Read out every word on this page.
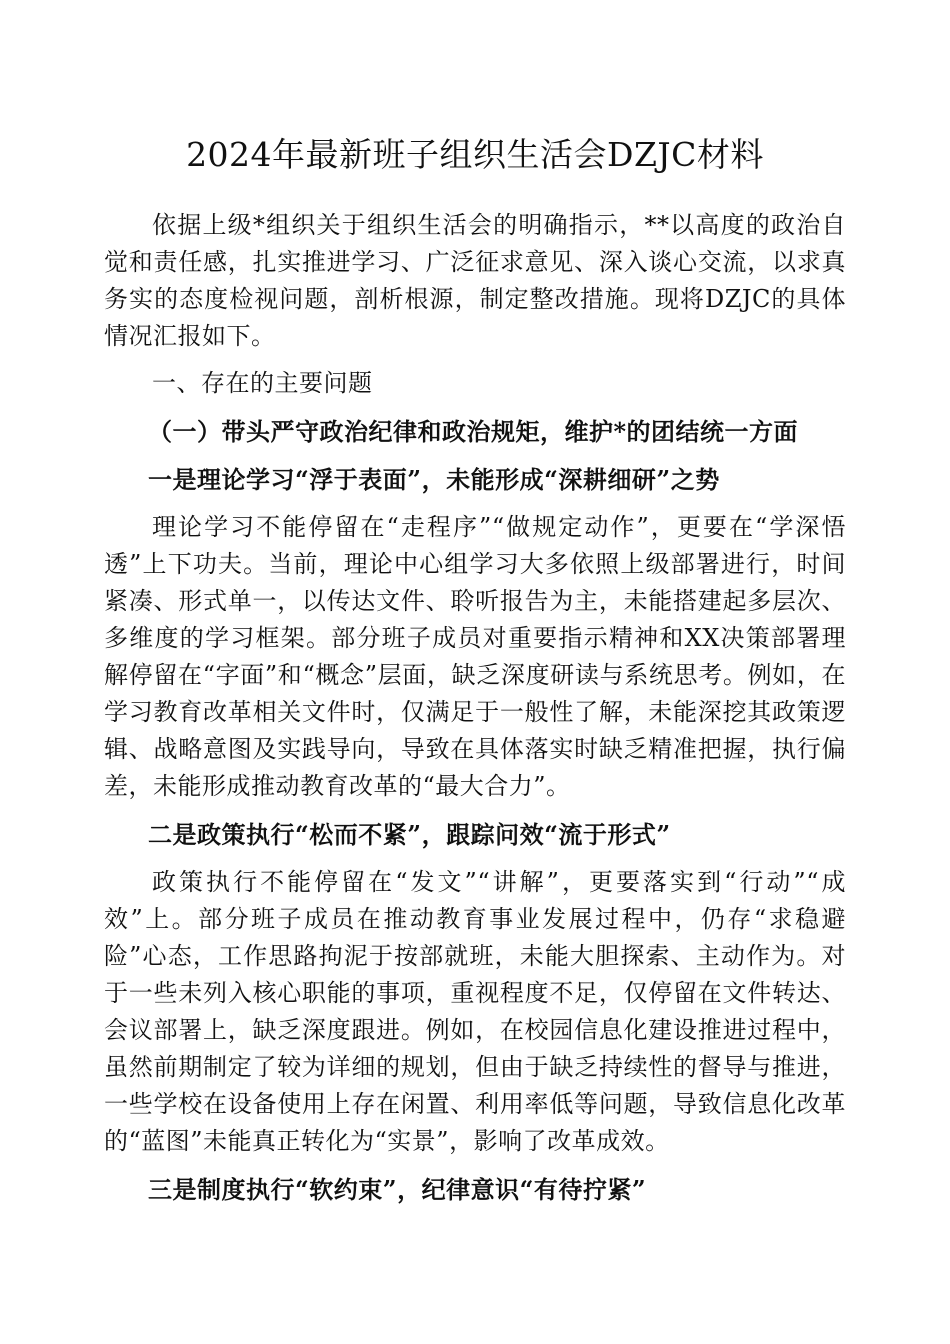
2024年最新班子组织生活会DZJC材料

依据上级*组织关于组织生活会的明确指示，**以高度的政治自觉和责任感，扎实推进学习、广泛征求意见、深入谈心交流，以求真务实的态度检视问题，剖析根源，制定整改措施。现将DZJC的具体情况汇报如下。

一、存在的主要问题

（一）带头严守政治纪律和政治规矩，维护*的团结统一方面

一是理论学习“浮于表面”，未能形成“深耕细研”之势

理论学习不能停留在“走程序”“做规定动作”，更要在“学深悟透”上下功夫。当前，理论中心组学习大多依照上级部署进行，时间紧凑、形式单一，以传达文件、聆听报告为主，未能搭建起多层次、多维度的学习框架。部分班子成员对重要指示精神和XX决策部署理解停留在“字面”和“概念”层面，缺乏深度研读与系统思考。例如，在学习教育改革相关文件时，仅满足于一般性了解，未能深挖其政策逻辑、战略意图及实践导向，导致在具体落实时缺乏精准把握，执行偏差，未能形成推动教育改革的“最大合力”。

二是政策执行“松而不紧”，跟踪问效“流于形式”

政策执行不能停留在“发文”“讲解”，更要落实到“行动”“成效”上。部分班子成员在推动教育事业发展过程中，仍存“求稳避险”心态，工作思路拘泥于按部就班，未能大胆探索、主动作为。对于一些未列入核心职能的事项，重视程度不足，仅停留在文件转达、会议部署上，缺乏深度跟进。例如，在校园信息化建设推进过程中，虽然前期制定了较为详细的规划，但由于缺乏持续性的督导与推进，一些学校在设备使用上存在闲置、利用率低等问题，导致信息化改革的“蓝图”未能真正转化为“实景”，影响了改革成效。

三是制度执行“软约束”，纪律意识“有待拧紧”
